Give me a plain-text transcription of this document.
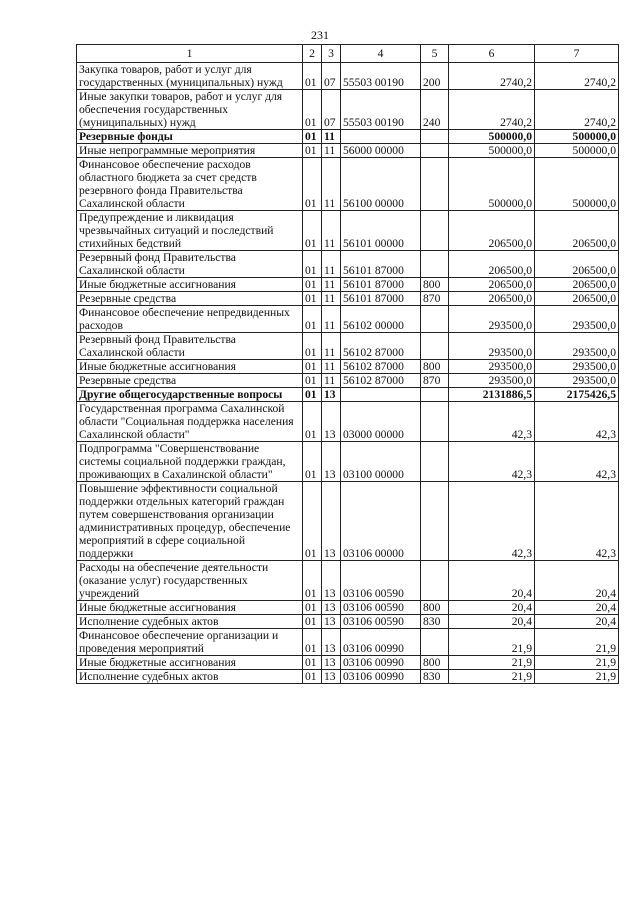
231
1	2	3	4	5	6	7
Закупка товаров, работ и услуг для государственных (муниципальных) нужд	01	07	55503 00190	200	2740,2	2740,2
Иные закупки товаров, работ и услуг для обеспечения государственных (муниципальных) нужд	01	07	55503 00190	240	2740,2	2740,2
Резервные фонды	01	11			500000,0	500000,0
Иные непрограммные мероприятия	01	11	56000 00000		500000,0	500000,0
Финансовое обеспечение расходов областного бюджета за счет средств резервного фонда Правительства Сахалинской области	01	11	56100 00000		500000,0	500000,0
Предупреждение и ликвидация чрезвычайных ситуаций и последствий стихийных бедствий	01	11	56101 00000		206500,0	206500,0
Резервный фонд Правительства Сахалинской области	01	11	56101 87000		206500,0	206500,0
Иные бюджетные ассигнования	01	11	56101 87000	800	206500,0	206500,0
Резервные средства	01	11	56101 87000	870	206500,0	206500,0
Финансовое обеспечение непредвиденных расходов	01	11	56102 00000		293500,0	293500,0
Резервный фонд Правительства Сахалинской области	01	11	56102 87000		293500,0	293500,0
Иные бюджетные ассигнования	01	11	56102 87000	800	293500,0	293500,0
Резервные средства	01	11	56102 87000	870	293500,0	293500,0
Другие общегосударственные вопросы	01	13			2131886,5	2175426,5
Государственная программа Сахалинской области "Социальная поддержка населения Сахалинской области"	01	13	03000 00000		42,3	42,3
Подпрограмма "Совершенствование системы социальной поддержки граждан, проживающих в Сахалинской области"	01	13	03100 00000		42,3	42,3
Повышение эффективности социальной поддержки отдельных категорий граждан путем совершенствования организации административных процедур, обеспечение мероприятий в сфере социальной поддержки	01	13	03106 00000		42,3	42,3
Расходы на обеспечение деятельности (оказание услуг) государственных учреждений	01	13	03106 00590		20,4	20,4
Иные бюджетные ассигнования	01	13	03106 00590	800	20,4	20,4
Исполнение судебных актов	01	13	03106 00590	830	20,4	20,4
Финансовое обеспечение организации и проведения мероприятий	01	13	03106 00990		21,9	21,9
Иные бюджетные ассигнования	01	13	03106 00990	800	21,9	21,9
Исполнение судебных актов	01	13	03106 00990	830	21,9	21,9
